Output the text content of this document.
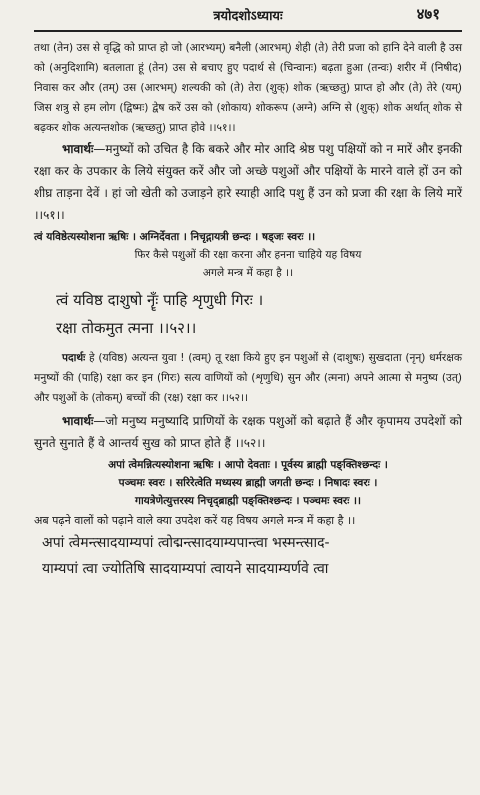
त्रयोदशोऽध्यायः	४७१

तथा (तेन) उस से वृद्धि को प्राप्त हो जो (आरभ्यम्) बनैली (आरभम्) शेही (ते) तेरी प्रजा को हानि देने वाली है उस को (अनुदिशामि) बतलाता हूं (तेन) उस से बचाए हुए पदार्थ से (चिन्वानः) बढ़ता हुआ (तन्वः) शरीर में (निषीद) निवास कर और (तम्) उस (आरभम्) शल्यकी को (ते) तेरा (शुक्) शोक (ऋच्छतु) प्राप्त हो और (ते) तेरे (यम्) जिस शत्रु से हम लोग (द्विष्मः) द्वेष करें उस को (शोकाय) शोकरूप (अग्ने) अग्नि से (शुक्) शोक अर्थात् शोक से बढ़कर शोक अत्यन्तशोक (ऋच्छतु) प्राप्त होवे ।।५१।।

भावार्थः—मनुष्यों को उचित है कि बकरे और मोर आदि श्रेष्ठ पशु पक्षियों को न मारें और इनकी रक्षा कर के उपकार के लिये संयुक्त करें और जो अच्छे पशुओं और पक्षियों के मारने वाले हों उन को शीघ्र ताड़ना देवें । हां जो खेती को उजाड़ने हारे स्याही आदि पशु हैं उन को प्रजा की रक्षा के लिये मारें ।।५१।।

त्वं यविष्ठेत्यस्योशना ऋषिः । अग्निर्देवता । निचृद्गायत्री छन्दः । षड्जः स्वरः ।।

फिर कैसे पशुओं की रक्षा करना और हनना चाहिये यह विषय

अगले मन्त्र में कहा है ।।

त्वं यविष्ठ दाशुषो नॄँः पाहि शृणुधी गिरः ।

रक्षा तोकमुत त्मना ।।५२।।

पदार्थः हे (यविष्ठ) अत्यन्त युवा ! (त्वम्) तू रक्षा किये हुए इन पशुओं से (दाशुषः) सुखदाता (नृन्) धर्मरक्षक मनुष्यों की (पाहि) रक्षा कर इन (गिरः) सत्य वाणियों को (शृणुधि) सुन और (त्मना) अपने आत्मा से मनुष्य (उत्) और पशुओं के (तोकम्) बच्चों की (रक्ष) रक्षा कर ।।५२।।

भावार्थः—जो मनुष्य मनुष्यादि प्राणियों के रक्षक पशुओं को बढ़ाते हैं और कृपामय उपदेशों को सुनते सुनाते हैं वे आन्तर्य सुख को प्राप्त होते हैं ।।५२।।

अपां त्वेमन्नित्यस्योशना ऋषिः । आपो देवताः । पूर्वस्य ब्राह्मी पङ्क्तिश्छन्दः ।

पञ्चमः स्वरः । सरिरेत्वेति मध्यस्य ब्राह्मी जगती छन्दः । निषादः स्वरः ।

गायत्रेणेत्युत्तरस्य निचृद्ब्राह्मी पङ्क्तिश्छन्दः । पञ्चमः स्वरः ।।

अब पढ़ने वालों को पढ़ाने वाले क्या उपदेश करें यह विषय अगले मन्त्र में कहा है ।।

अपां त्वेमन्त्सादयाम्यपां त्वोद्मन्त्सादयाम्यपान्त्वा भस्मन्त्साद-

याम्यपां त्वा ज्योतिषि सादयाम्यपां त्वायने सादयाम्यर्णवे त्वा
